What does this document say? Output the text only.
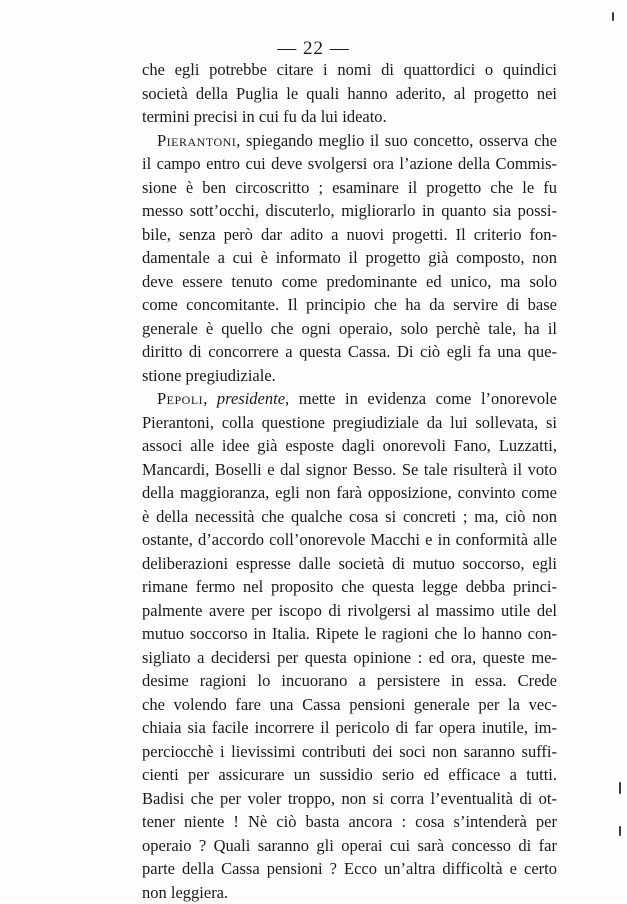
— 22 —
che egli potrebbe citare i nomi di quattordici o quindici
società della Puglia le quali hanno aderito, al progetto nei
termini precisi in cui fu da lui ideato.
Pierantoni, spiegando meglio il suo concetto, osserva che
il campo entro cui deve svolgersi ora l’azione della Commis-
sione è ben circoscritto ; esaminare il progetto che le fu
messo sott’occhi, discuterlo, migliorarlo in quanto sia possi-
bile, senza però dar adito a nuovi progetti. Il criterio fon-
damentale a cui è informato il progetto già composto, non
deve essere tenuto come predominante ed unico, ma solo
come concomitante. Il principio che ha da servire di base
generale è quello che ogni operaio, solo perchè tale, ha il
diritto di concorrere a questa Cassa. Di ciò egli fa una que-
stione pregiudiziale.
Pepoli, presidente, mette in evidenza come l’onorevole
Pierantoni, colla questione pregiudiziale da lui sollevata, si
associ alle idee già esposte dagli onorevoli Fano, Luzzatti,
Mancardi, Boselli e dal signor Besso. Se tale risulterà il voto
della maggioranza, egli non farà opposizione, convinto come
è della necessità che qualche cosa si concreti ; ma, ciò non
ostante, d’accordo coll’onorevole Macchi e in conformità alle
deliberazioni espresse dalle società di mutuo soccorso, egli
rimane fermo nel proposito che questa legge debba princi-
palmente avere per iscopo di rivolgersi al massimo utile del
mutuo soccorso in Italia. Ripete le ragioni che lo hanno con-
sigliato a decidersi per questa opinione : ed ora, queste me-
desime ragioni lo incuorano a persistere in essa. Crede
che volendo fare una Cassa pensioni generale per la vec-
chiaia sia facile incorrere il pericolo di far opera inutile, im-
perciocchè i lievissimi contributi dei soci non saranno suffi-
cienti per assicurare un sussidio serio ed efficace a tutti.
Badisi che per voler troppo, non si corra l’eventualità di ot-
tener niente ! Nè ciò basta ancora : cosa s’intenderà per
operaio ? Quali saranno gli operai cui sarà concesso di far
parte della Cassa pensioni ? Ecco un’altra difficoltà e certo
non leggiera.
